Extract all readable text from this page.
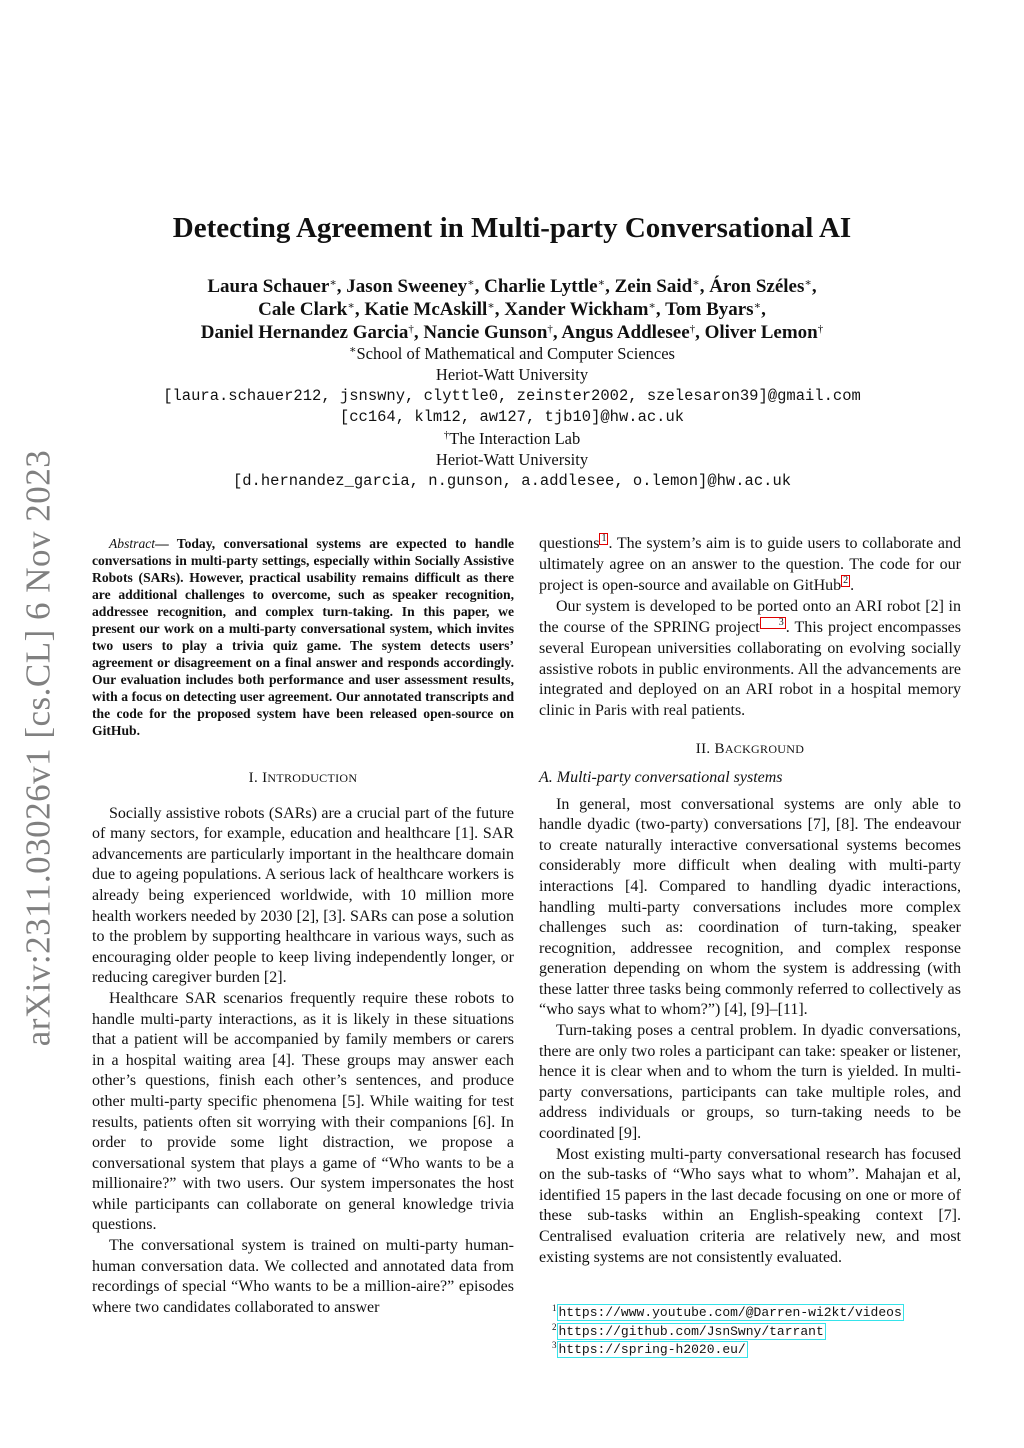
arXiv:2311.03026v1 [cs.CL] 6 Nov 2023
Detecting Agreement in Multi-party Conversational AI
Laura Schauer∗, Jason Sweeney∗, Charlie Lyttle∗, Zein Said∗, Áron Széles∗,
Cale Clark∗, Katie McAskill∗, Xander Wickham∗, Tom Byars∗,
Daniel Hernandez Garcia†, Nancie Gunson†, Angus Addlesee†, Oliver Lemon†
∗School of Mathematical and Computer Sciences
Heriot-Watt University
[laura.schauer212, jsnswny, clyttle0, zeinster2002, szelesaron39]@gmail.com
[cc164, klm12, aw127, tjb10]@hw.ac.uk
†The Interaction Lab
Heriot-Watt University
[d.hernandez_garcia, n.gunson, a.addlesee, o.lemon]@hw.ac.uk

Abstract— Today, conversational systems are expected to handle conversations in multi-party settings, especially within Socially Assistive Robots (SARs). However, practical usability remains difficult as there are additional challenges to overcome, such as speaker recognition, addressee recognition, and complex turn-taking. In this paper, we present our work on a multi-party conversational system, which invites two users to play a trivia quiz game. The system detects users’ agreement or disagreement on a final answer and responds accordingly. Our evaluation includes both performance and user assessment results, with a focus on detecting user agreement. Our annotated transcripts and the code for the proposed system have been released open-source on GitHub.

I. INTRODUCTION

Socially assistive robots (SARs) are a crucial part of the future of many sectors, for example, education and healthcare [1]. SAR advancements are particularly important in the healthcare domain due to ageing populations. A serious lack of healthcare workers is already being experienced worldwide, with 10 million more health workers needed by 2030 [2], [3]. SARs can pose a solution to the problem by supporting healthcare in various ways, such as encouraging older people to keep living independently longer, or reducing caregiver burden [2].

Healthcare SAR scenarios frequently require these robots to handle multi-party interactions, as it is likely in these situations that a patient will be accompanied by family members or carers in a hospital waiting area [4]. These groups may answer each other’s questions, finish each other’s sentences, and produce other multi-party specific phenomena [5]. While waiting for test results, patients often sit worrying with their companions [6]. In order to provide some light distraction, we propose a conversational system that plays a game of “Who wants to be a millionaire?” with two users. Our system impersonates the host while participants can collaborate on general knowledge trivia questions.

The conversational system is trained on multi-party human-human conversation data. We collected and annotated data from recordings of special “Who wants to be a million-aire?” episodes where two candidates collaborated to answer

questions 1 . The system’s aim is to guide users to collaborate and ultimately agree on an answer to the question. The code for our project is open-source and available on GitHub 2 .

Our system is developed to be ported onto an ARI robot [2] in the course of the SPRING project 3 . This project encompasses several European universities collaborating on evolving socially assistive robots in public environments. All the advancements are integrated and deployed on an ARI robot in a hospital memory clinic in Paris with real patients.

II. BACKGROUND

A. Multi-party conversational systems

In general, most conversational systems are only able to handle dyadic (two-party) conversations [7], [8]. The endeavour to create naturally interactive conversational systems becomes considerably more difficult when dealing with multi-party interactions [4]. Compared to handling dyadic interactions, handling multi-party conversations includes more complex challenges such as: coordination of turn-taking, speaker recognition, addressee recognition, and complex response generation depending on whom the system is addressing (with these latter three tasks being commonly referred to collectively as “who says what to whom?”) [4], [9]–[11].

Turn-taking poses a central problem. In dyadic conversations, there are only two roles a participant can take: speaker or listener, hence it is clear when and to whom the turn is yielded. In multi-party conversations, participants can take multiple roles, and address individuals or groups, so turn-taking needs to be coordinated [9].

Most existing multi-party conversational research has focused on the sub-tasks of “Who says what to whom”. Mahajan et al, identified 15 papers in the last decade focusing on one or more of these sub-tasks within an English-speaking context [7]. Centralised evaluation criteria are relatively new, and most existing systems are not consistently evaluated.

$^1$ https://www.youtube.com/@Darren-wi2kt/videos
$^2$ https://github.com/JsnSwny/tarrant
$^3$ https://spring-h2020.eu/
